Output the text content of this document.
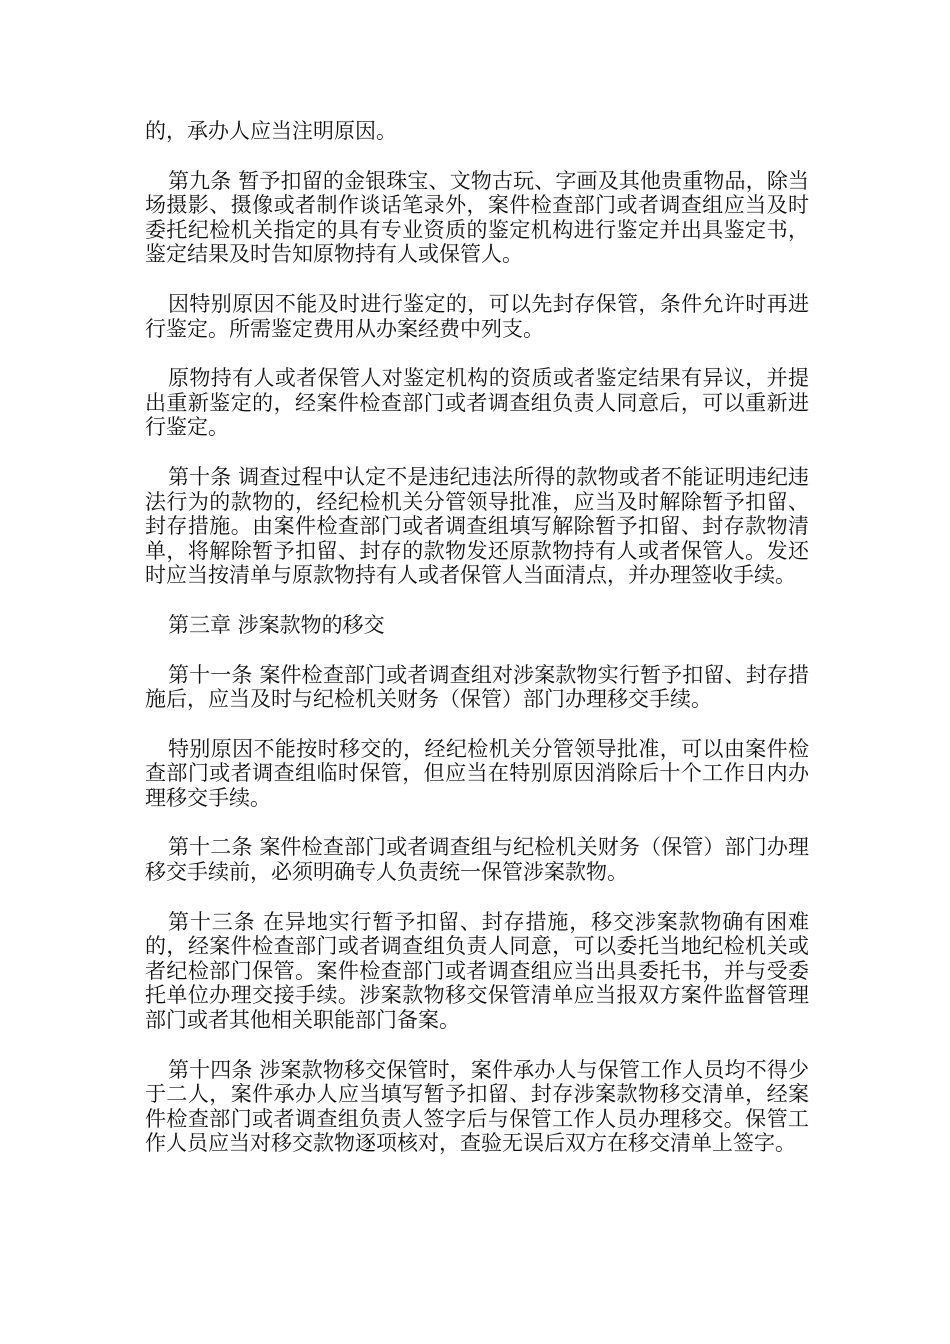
的，承办人应当注明原因。

第九条 暂予扣留的金银珠宝、文物古玩、字画及其他贵重物品，除当场摄影、摄像或者制作谈话笔录外，案件检查部门或者调查组应当及时委托纪检机关指定的具有专业资质的鉴定机构进行鉴定并出具鉴定书，鉴定结果及时告知原物持有人或保管人。

因特别原因不能及时进行鉴定的，可以先封存保管，条件允许时再进行鉴定。所需鉴定费用从办案经费中列支。

原物持有人或者保管人对鉴定机构的资质或者鉴定结果有异议，并提出重新鉴定的，经案件检查部门或者调查组负责人同意后，可以重新进行鉴定。

第十条 调查过程中认定不是违纪违法所得的款物或者不能证明违纪违法行为的款物的，经纪检机关分管领导批准，应当及时解除暂予扣留、封存措施。由案件检查部门或者调查组填写解除暂予扣留、封存款物清单，将解除暂予扣留、封存的款物发还原款物持有人或者保管人。发还时应当按清单与原款物持有人或者保管人当面清点，并办理签收手续。

第三章 涉案款物的移交

第十一条 案件检查部门或者调查组对涉案款物实行暂予扣留、封存措施后，应当及时与纪检机关财务（保管）部门办理移交手续。

特别原因不能按时移交的，经纪检机关分管领导批准，可以由案件检查部门或者调查组临时保管，但应当在特别原因消除后十个工作日内办理移交手续。

第十二条 案件检查部门或者调查组与纪检机关财务（保管）部门办理移交手续前，必须明确专人负责统一保管涉案款物。

第十三条 在异地实行暂予扣留、封存措施，移交涉案款物确有困难的，经案件检查部门或者调查组负责人同意，可以委托当地纪检机关或者纪检部门保管。案件检查部门或者调查组应当出具委托书，并与受委托单位办理交接手续。涉案款物移交保管清单应当报双方案件监督管理部门或者其他相关职能部门备案。

第十四条 涉案款物移交保管时，案件承办人与保管工作人员均不得少于二人，案件承办人应当填写暂予扣留、封存涉案款物移交清单，经案件检查部门或者调查组负责人签字后与保管工作人员办理移交。保管工作人员应当对移交款物逐项核对，查验无误后双方在移交清单上签字。
